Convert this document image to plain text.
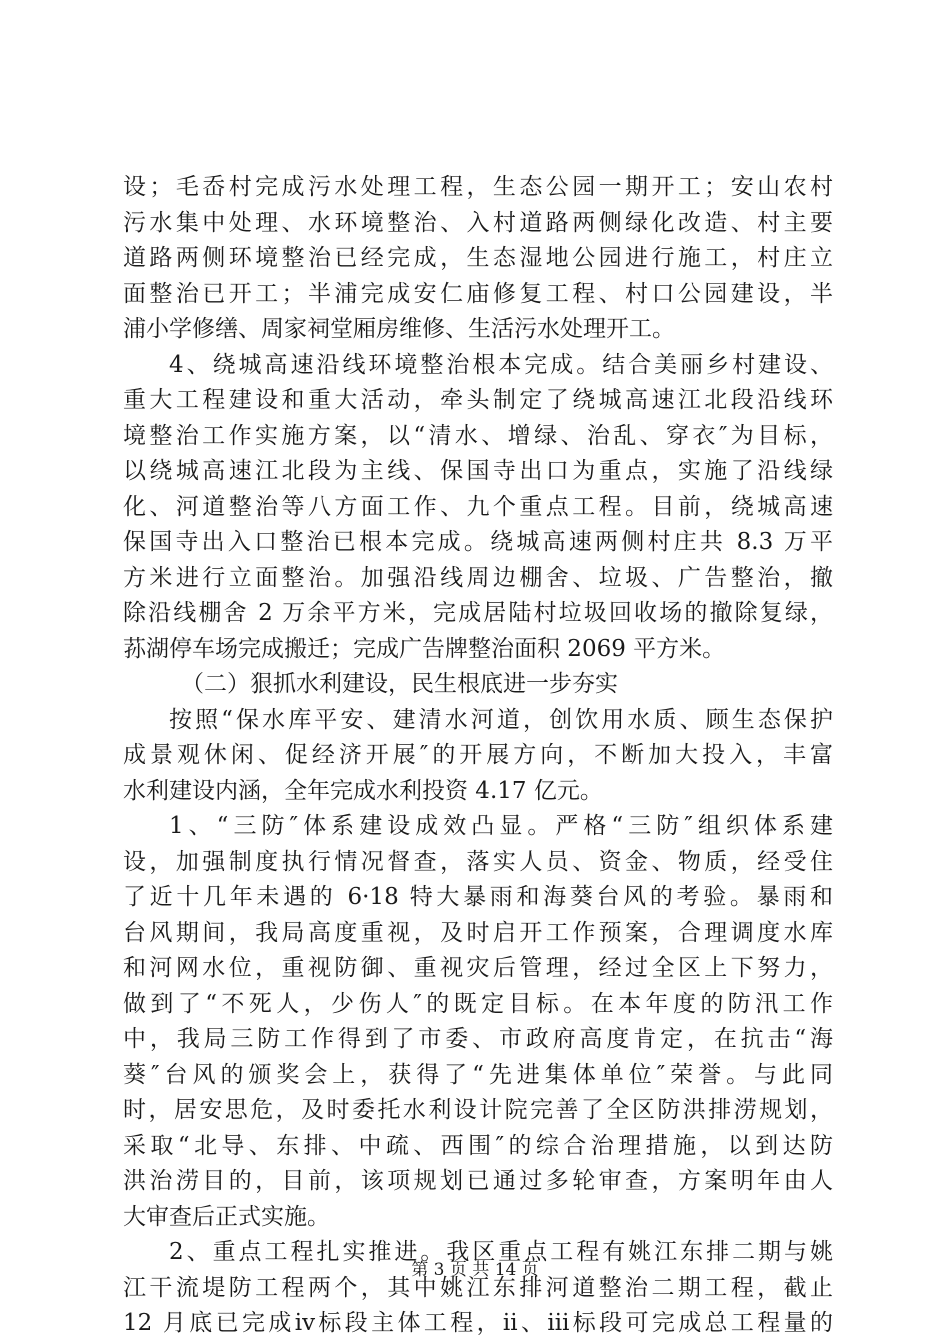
设；毛岙村完成污水处理工程，生态公园一期开工；安山农村
污水集中处理、水环境整治、入村道路两侧绿化改造、村主要
道路两侧环境整治已经完成，生态湿地公园进行施工，村庄立
面整治已开工；半浦完成安仁庙修复工程、村口公园建设，半
浦小学修缮、周家祠堂厢房维修、生活污水处理开工。
4、绕城高速沿线环境整治根本完成。结合美丽乡村建设、
重大工程建设和重大活动，牵头制定了绕城高速江北段沿线环
境整治工作实施方案，以“清水、增绿、治乱、穿衣″为目标，
以绕城高速江北段为主线、保国寺出口为重点，实施了沿线绿
化、河道整治等八方面工作、九个重点工程。目前，绕城高速
保国寺出入口整治已根本完成。绕城高速两侧村庄共 8.3 万平
方米进行立面整治。加强沿线周边棚舍、垃圾、广告整治，撤
除沿线棚舍 2 万余平方米，完成居陆村垃圾回收场的撤除复绿，
荪湖停车场完成搬迁；完成广告牌整治面积 2069 平方米。
（二）狠抓水利建设，民生根底进一步夯实
按照“保水库平安、建清水河道，创饮用水质、顾生态保护
成景观休闲、促经济开展″的开展方向，不断加大投入，丰富
水利建设内涵，全年完成水利投资 4.17 亿元。
1、“三防″体系建设成效凸显。严格“三防″组织体系建
设，加强制度执行情况督查，落实人员、资金、物质，经受住
了近十几年未遇的 6·18 特大暴雨和海葵台风的考验。暴雨和
台风期间，我局高度重视，及时启开工作预案，合理调度水库
和河网水位，重视防御、重视灾后管理，经过全区上下努力，
做到了“不死人，少伤人″的既定目标。在本年度的防汛工作
中，我局三防工作得到了市委、市政府高度肯定，在抗击“海
葵″台风的颁奖会上，获得了“先进集体单位″荣誉。与此同
时，居安思危，及时委托水利设计院完善了全区防洪排涝规划，
采取“北导、东排、中疏、西围″的综合治理措施，以到达防
洪治涝目的，目前，该项规划已通过多轮审查，方案明年由人
大审查后正式实施。
2、重点工程扎实推进。我区重点工程有姚江东排二期与姚
江干流堤防工程两个，其中姚江东排河道整治二期工程，截止
12 月底已完成ⅳ标段主体工程，ⅱ、ⅲ标段可完成总工程量的
第 3 页 共 14 页
